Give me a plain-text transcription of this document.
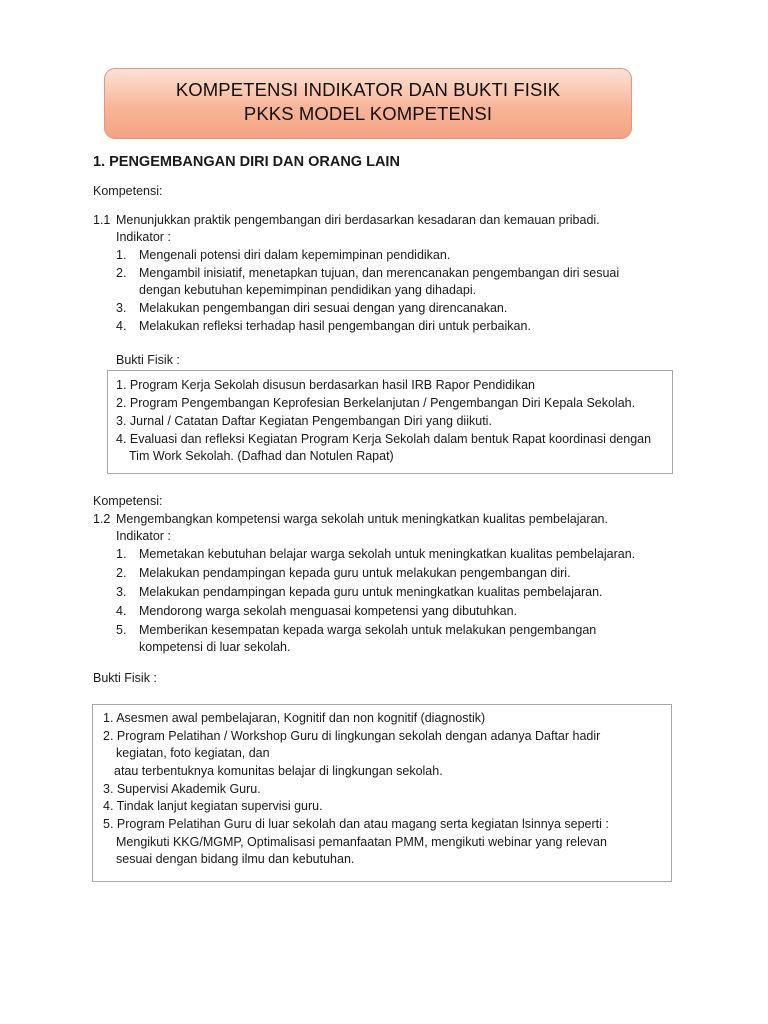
KOMPETENSI INDIKATOR DAN BUKTI FISIK
PKKS MODEL KOMPETENSI
1. PENGEMBANGAN DIRI DAN ORANG LAIN
Kompetensi:
1.1 Menunjukkan praktik pengembangan diri berdasarkan kesadaran dan kemauan pribadi.
Indikator :
1. Mengenali potensi diri dalam kepemimpinan pendidikan.
2. Mengambil inisiatif, menetapkan tujuan, dan merencanakan pengembangan diri sesuai
dengan kebutuhan kepemimpinan pendidikan yang dihadapi.
3. Melakukan pengembangan diri sesuai dengan yang direncanakan.
4. Melakukan refleksi terhadap hasil pengembangan diri untuk perbaikan.
Bukti Fisik :
1. Program Kerja Sekolah disusun berdasarkan hasil IRB Rapor Pendidikan
2. Program Pengembangan Keprofesian Berkelanjutan / Pengembangan Diri Kepala Sekolah.
3. Jurnal / Catatan Daftar Kegiatan Pengembangan Diri yang diikuti.
4. Evaluasi dan refleksi Kegiatan Program Kerja Sekolah dalam bentuk Rapat koordinasi dengan
Tim Work Sekolah. (Dafhad dan Notulen Rapat)
Kompetensi:
1.2 Mengembangkan kompetensi warga sekolah untuk meningkatkan kualitas pembelajaran.
Indikator :
1. Memetakan kebutuhan belajar warga sekolah untuk meningkatkan kualitas pembelajaran.
2. Melakukan pendampingan kepada guru untuk melakukan pengembangan diri.
3. Melakukan pendampingan kepada guru untuk meningkatkan kualitas pembelajaran.
4. Mendorong warga sekolah menguasai kompetensi yang dibutuhkan.
5. Memberikan kesempatan kepada warga sekolah untuk melakukan pengembangan
kompetensi di luar sekolah.
Bukti Fisik :
1. Asesmen awal pembelajaran, Kognitif dan non kognitif (diagnostik)
2. Program Pelatihan / Workshop Guru di lingkungan sekolah dengan adanya Daftar hadir
kegiatan, foto kegiatan, dan
atau terbentuknya komunitas belajar di lingkungan sekolah.
3. Supervisi Akademik Guru.
4. Tindak lanjut kegiatan supervisi guru.
5. Program Pelatihan Guru di luar sekolah dan atau magang serta kegiatan lsinnya seperti :
Mengikuti KKG/MGMP, Optimalisasi pemanfaatan PMM, mengikuti webinar yang relevan
sesuai dengan bidang ilmu dan kebutuhan.
